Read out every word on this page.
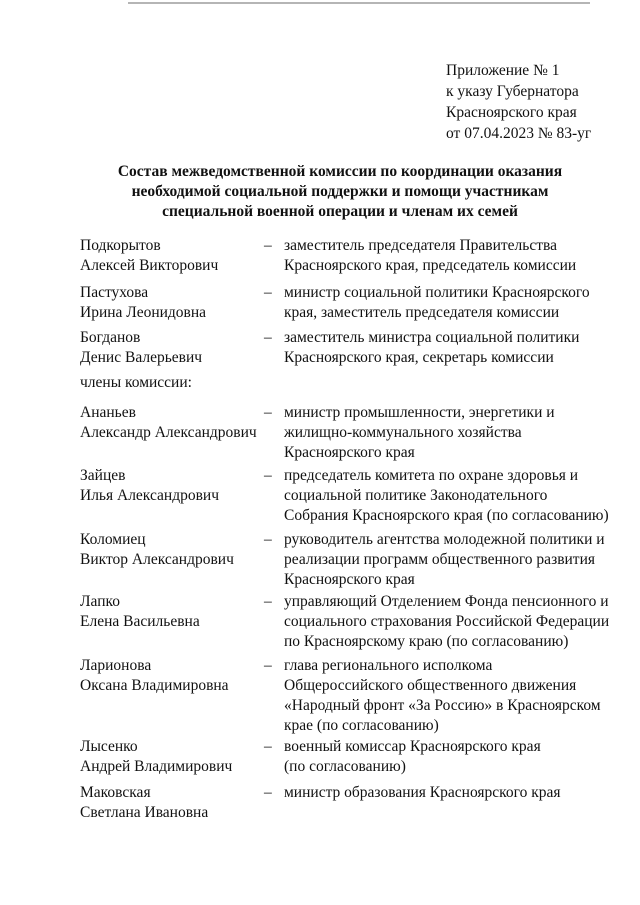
Приложение № 1
к указу Губернатора
Красноярского края
от 07.04.2023 № 83-уг
Состав межведомственной комиссии по координации оказания
необходимой социальной поддержки и помощи участникам
специальной военной операции и членам их семей
Подкорытов
Алексей Викторович
– заместитель председателя Правительства
Красноярского края, председатель комиссии
Пастухова
Ирина Леонидовна
– министр социальной политики Красноярского
края, заместитель председателя комиссии
Богданов
Денис Валерьевич
– заместитель министра социальной политики
Красноярского края, секретарь комиссии
члены комиссии:
Ананьев
Александр Александрович
– министр промышленности, энергетики и
жилищно-коммунального хозяйства
Красноярского края
Зайцев
Илья Александрович
– председатель комитета по охране здоровья и
социальной политике Законодательного
Собрания Красноярского края (по согласованию)
Коломиец
Виктор Александрович
– руководитель агентства молодежной политики и
реализации программ общественного развития
Красноярского края
Лапко
Елена Васильевна
– управляющий Отделением Фонда пенсионного и
социального страхования Российской Федерации
по Красноярскому краю (по согласованию)
Ларионова
Оксана Владимировна
– глава регионального исполкома
Общероссийского общественного движения
«Народный фронт «За Россию» в Красноярском
крае (по согласованию)
Лысенко
Андрей Владимирович
– военный комиссар Красноярского края
(по согласованию)
Маковская
Светлана Ивановна
– министр образования Красноярского края
